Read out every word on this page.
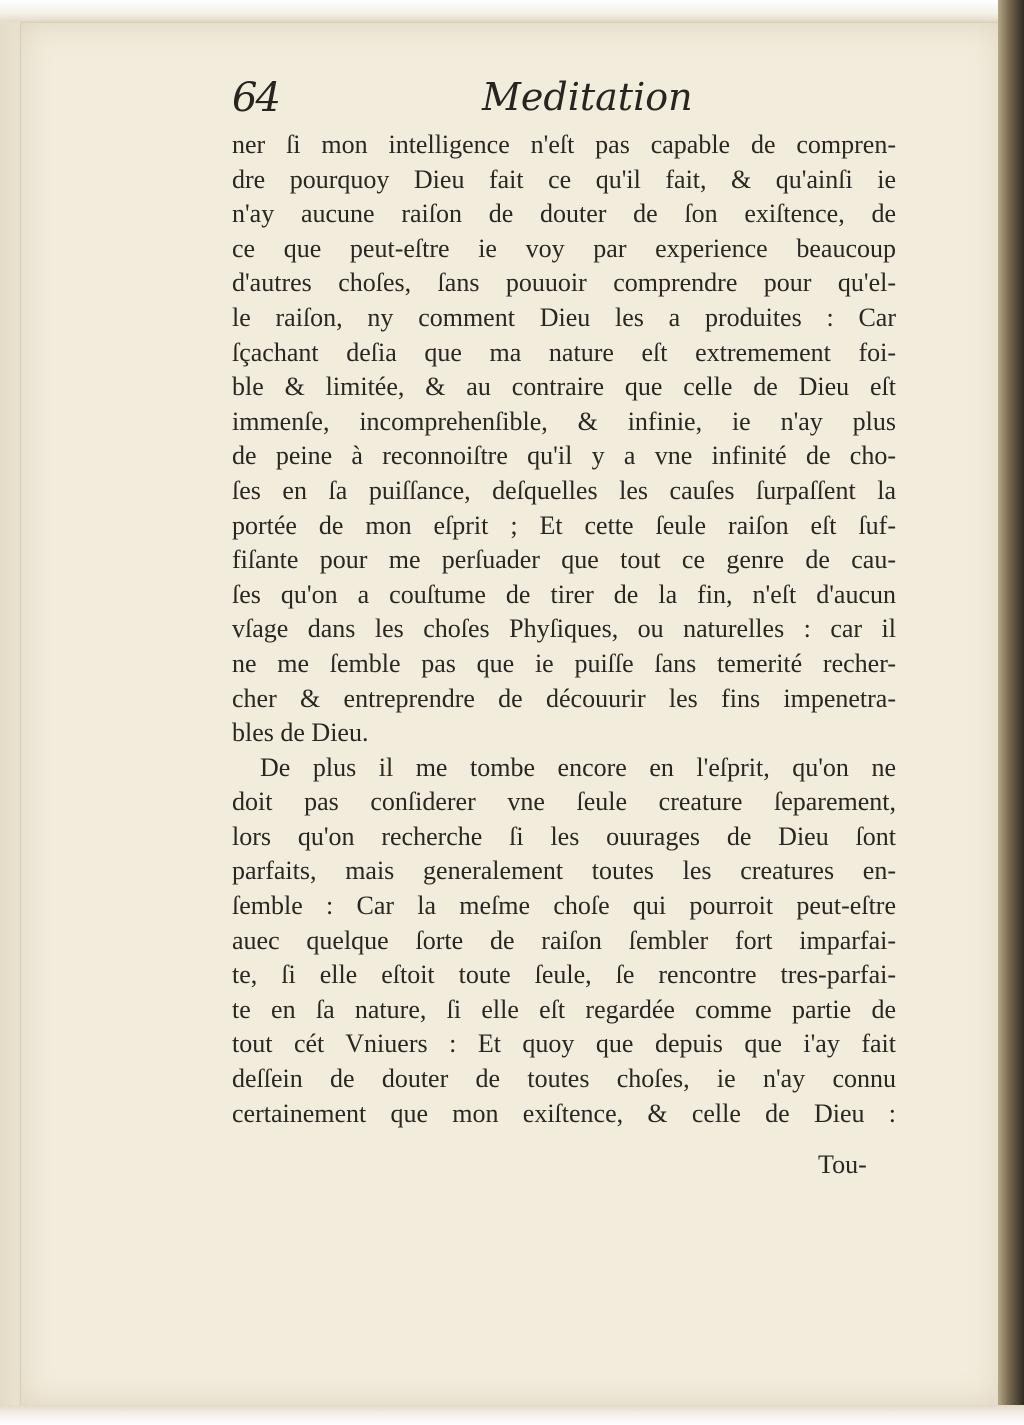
64	Meditation
ner ſi mon intelligence n'eſt pas capable de compren-
dre pourquoy Dieu fait ce qu'il fait, & qu'ainſi ie
n'ay aucune raiſon de douter de ſon exiſtence, de
ce que peut-eſtre ie voy par experience beaucoup
d'autres choſes, ſans pouuoir comprendre pour qu'el-
le raiſon, ny comment Dieu les a produites : Car
ſçachant deſia que ma nature eſt extremement foi-
ble & limitée, & au contraire que celle de Dieu eſt
immenſe, incomprehenſible, & infinie, ie n'ay plus
de peine à reconnoiſtre qu'il y a vne infinité de cho-
ſes en ſa puiſſance, deſquelles les cauſes ſurpaſſent la
portée de mon eſprit ; Et cette ſeule raiſon eſt ſuf-
fiſante pour me perſuader que tout ce genre de cau-
ſes qu'on a couſtume de tirer de la fin, n'eſt d'aucun
vſage dans les choſes Phyſiques, ou naturelles : car il
ne me ſemble pas que ie puiſſe ſans temerité recher-
cher & entreprendre de découurir les fins impenetra-
bles de Dieu.
De plus il me tombe encore en l'eſprit, qu'on ne
doit pas conſiderer vne ſeule creature ſeparement,
lors qu'on recherche ſi les ouurages de Dieu ſont
parfaits, mais generalement toutes les creatures en-
ſemble : Car la meſme choſe qui pourroit peut-eſtre
auec quelque ſorte de raiſon ſembler fort imparfai-
te, ſi elle eſtoit toute ſeule, ſe rencontre tres-parfai-
te en ſa nature, ſi elle eſt regardée comme partie de
tout cét Vniuers : Et quoy que depuis que i'ay fait
deſſein de douter de toutes choſes, ie n'ay connu
certainement que mon exiſtence, & celle de Dieu :
Tou-
